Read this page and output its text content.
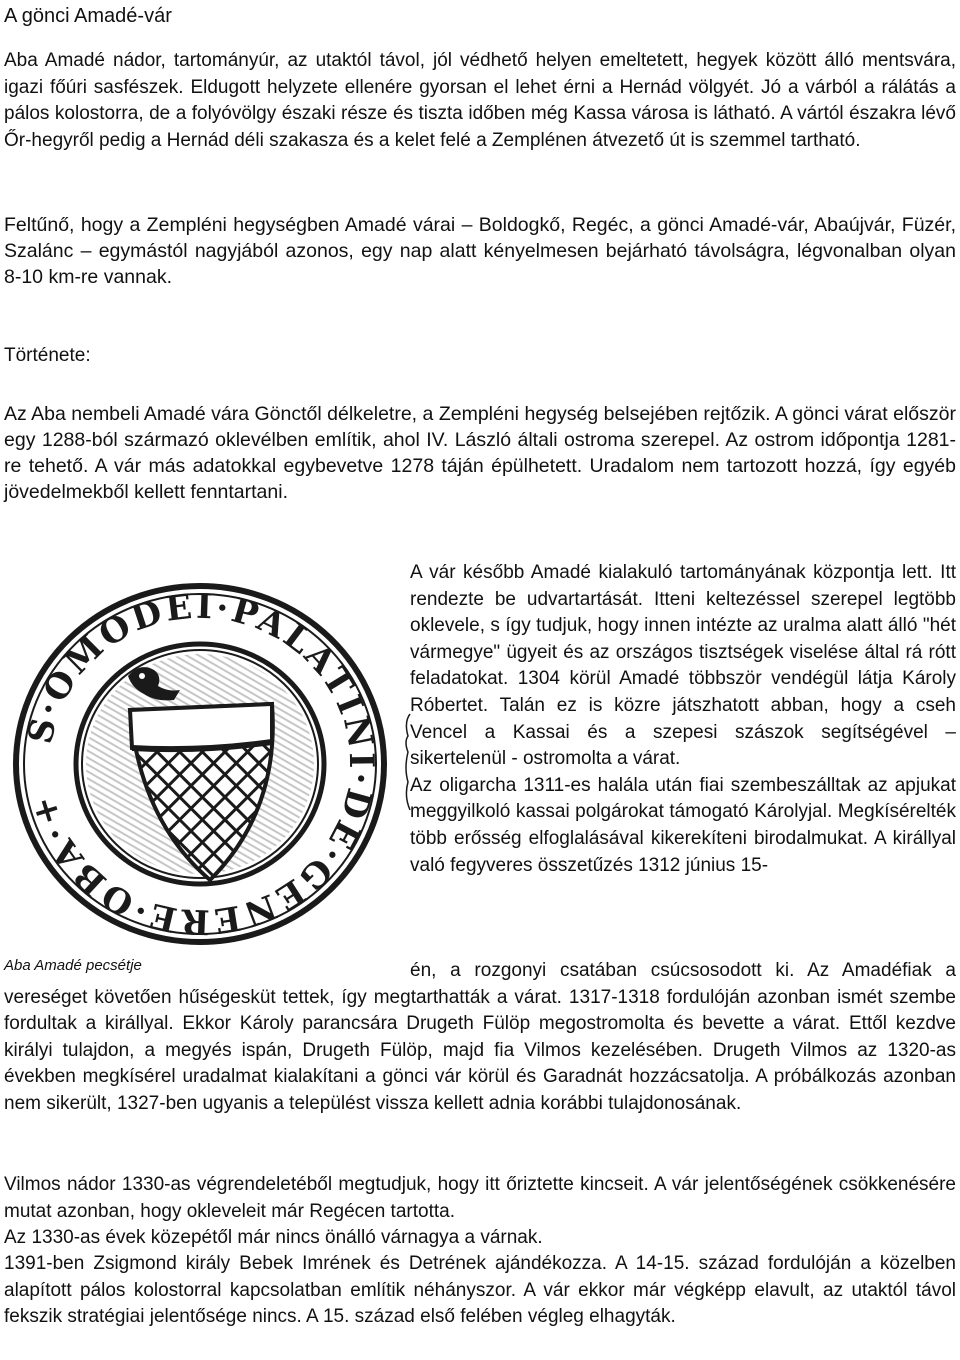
A gönci Amadé-vár

Aba Amadé nádor, tartományúr, az utaktól távol, jól védhető helyen emeltetett, hegyek között álló mentsvára, igazi főúri sasfészek. Eldugott helyzete ellenére gyorsan el lehet érni a Hernád völgyét. Jó a várból a rálátás a pálos kolostorra, de a folyóvölgy északi része és tiszta időben még Kassa városa is látható. A vártól északra lévő Őr-hegyről pedig a Hernád déli szakasza és a kelet felé a Zemplénen átvezető út is szemmel tartható.

Feltűnő, hogy a Zempléni hegységben Amadé várai – Boldogkő, Regéc, a gönci Amadé-vár, Abaújvár, Füzér, Szalánc – egymástól nagyjából azonos, egy nap alatt kényelmesen bejárható távolságra, légvonalban olyan 8-10 km-re vannak.

Története:

Az Aba nembeli Amadé vára Gönctől délkeletre, a Zempléni hegység belsejében rejtőzik. A gönci várat először egy 1288-ból származó oklevélben említik, ahol IV. László általi ostroma szerepel. Az ostrom időpontja 1281-re tehető. A vár más adatokkal egybevetve 1278 táján épülhetett. Uradalom nem tartozott hozzá, így egyéb jövedelmekből kellett fenntartani.

S·OMODEI·PALATINI·DE·GENERE·OBA·+
Aba Amadé pecsétje

A vár később Amadé kialakuló tartományának központja lett. Itt rendezte be udvartartását. Itteni keltezéssel szerepel legtöbb oklevele, s így tudjuk, hogy innen intézte az uralma alatt álló "hét vármegye" ügyeit és az országos tisztségek viselése által rá rótt feladatokat. 1304 körül Amadé többször vendégül látja Károly Róbertet. Talán ez is közre játszhatott abban, hogy a cseh Vencel a Kassai és a szepesi szászok segítségével – sikertelenül - ostromolta a várat.

Az oligarcha 1311-es halála után fiai szembeszálltak az apjukat meggyilkoló kassai polgárokat támogató Károlyjal. Megkísérelték több erősség elfoglalásával kikerekíteni birodalmukat. A királlyal való fegyveres összetűzés 1312 június 15-

én, a rozgonyi csatában csúcsosodott ki. Az Amadéfiak a vereséget követően hűségesküt tettek, így megtarthatták a várat. 1317-1318 fordulóján azonban ismét szembe fordultak a királlyal. Ekkor Károly parancsára Drugeth Fülöp megostromolta és bevette a várat. Ettől kezdve királyi tulajdon, a megyés ispán, Drugeth Fülöp, majd fia Vilmos kezelésében. Drugeth Vilmos az 1320-as években megkísérel uradalmat kialakítani a gönci vár körül és Garadnát hozzácsatolja. A próbálkozás azonban nem sikerült, 1327-ben ugyanis a települést vissza kellett adnia korábbi tulajdonosának.

Vilmos nádor 1330-as végrendeletéből megtudjuk, hogy itt őriztette kincseit. A vár jelentőségének csökkenésére mutat azonban, hogy okleveleit már Regécen tartotta.

Az 1330-as évek közepétől már nincs önálló várnagya a várnak.

1391-ben Zsigmond király Bebek Imrének és Detrének ajándékozza. A 14-15. század fordulóján a közelben alapított pálos kolostorral kapcsolatban említik néhányszor. A vár ekkor már végképp elavult, az utaktól távol fekszik stratégiai jelentősége nincs. A 15. század első felében végleg elhagyták.
